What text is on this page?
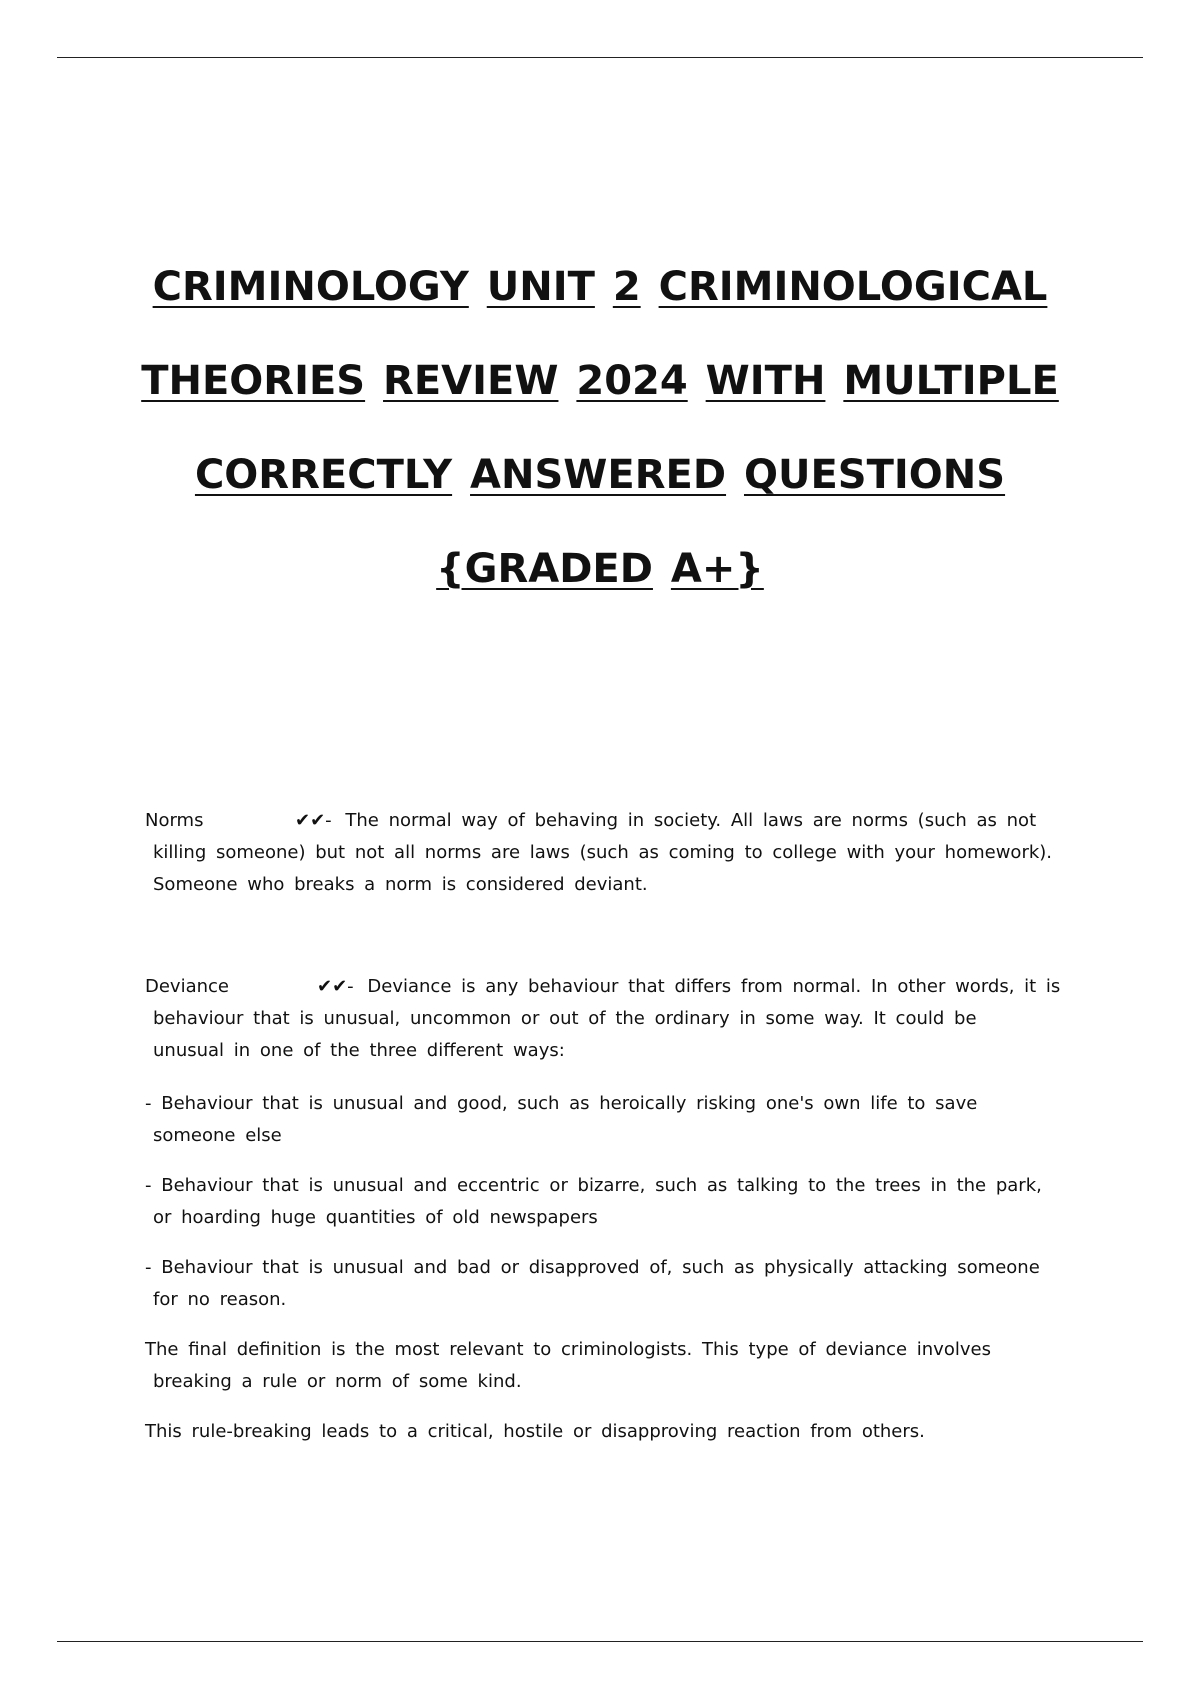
CRIMINOLOGY UNIT 2 CRIMINOLOGICAL
THEORIES REVIEW 2024 WITH MULTIPLE
CORRECTLY ANSWERED QUESTIONS
{GRADED A+}
Norms	✔✔- The normal way of behaving in society. All laws are norms (such as not
killing someone) but not all norms are laws (such as coming to college with your homework).
Someone who breaks a norm is considered deviant.
Deviance	✔✔- Deviance is any behaviour that differs from normal. In other words, it is
behaviour that is unusual, uncommon or out of the ordinary in some way. It could be
unusual in one of the three different ways:

- Behaviour that is unusual and good, such as heroically risking one's own life to save
someone else

- Behaviour that is unusual and eccentric or bizarre, such as talking to the trees in the park,
or hoarding huge quantities of old newspapers

- Behaviour that is unusual and bad or disapproved of, such as physically attacking someone
for no reason.

The final definition is the most relevant to criminologists. This type of deviance involves
breaking a rule or norm of some kind.

This rule-breaking leads to a critical, hostile or disapproving reaction from others.
